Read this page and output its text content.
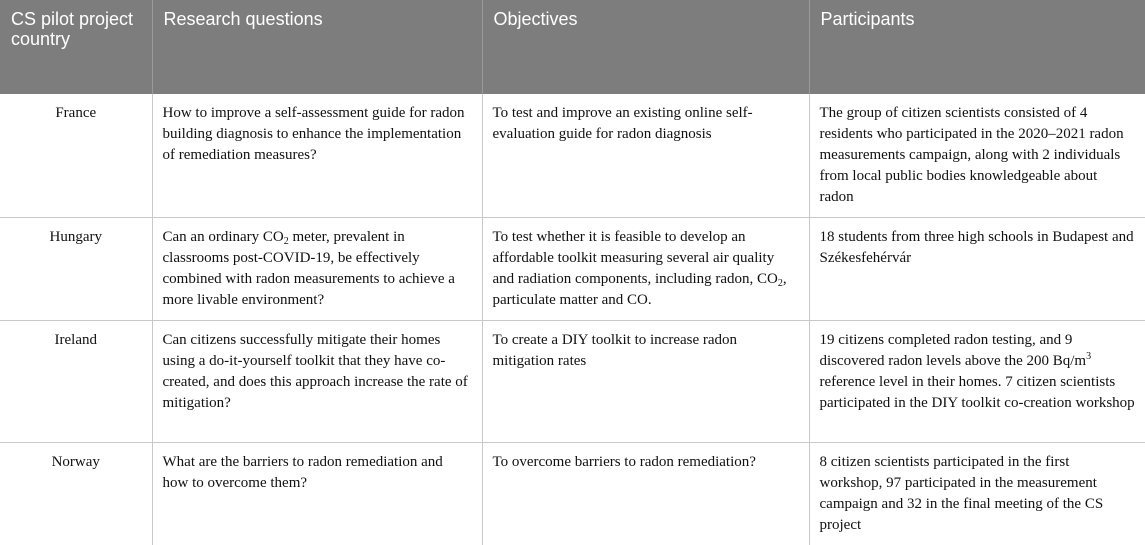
CS pilot project country	Research questions	Objectives	Participants
France	How to improve a self-assessment guide for radon building diagnosis to enhance the implementation of remediation measures?	To test and improve an existing online self-evaluation guide for radon diagnosis	The group of citizen scientists consisted of 4 residents who participated in the 2020–2021 radon measurements campaign, along with 2 individuals from local public bodies knowledgeable about radon
Hungary	Can an ordinary $CO_2$ meter, prevalent in classrooms post-COVID-19, be effectively combined with radon measurements to achieve a more livable environment?	To test whether it is feasible to develop an affordable toolkit measuring several air quality and radiation components, including radon, $CO_2$, particulate matter and CO.	18 students from three high schools in Budapest and Székesfehérvár
Ireland	Can citizens successfully mitigate their homes using a do-it-yourself toolkit that they have co-created, and does this approach increase the rate of mitigation?	To create a DIY toolkit to increase radon mitigation rates	19 citizens completed radon testing, and 9 discovered radon levels above the 200 $Bq/m^3$ reference level in their homes. 7 citizen scientists participated in the DIY toolkit co-creation workshop
Norway	What are the barriers to radon remediation and how to overcome them?	To overcome barriers to radon remediation?	8 citizen scientists participated in the first workshop, 97 participated in the measurement campaign and 32 in the final meeting of the CS project
